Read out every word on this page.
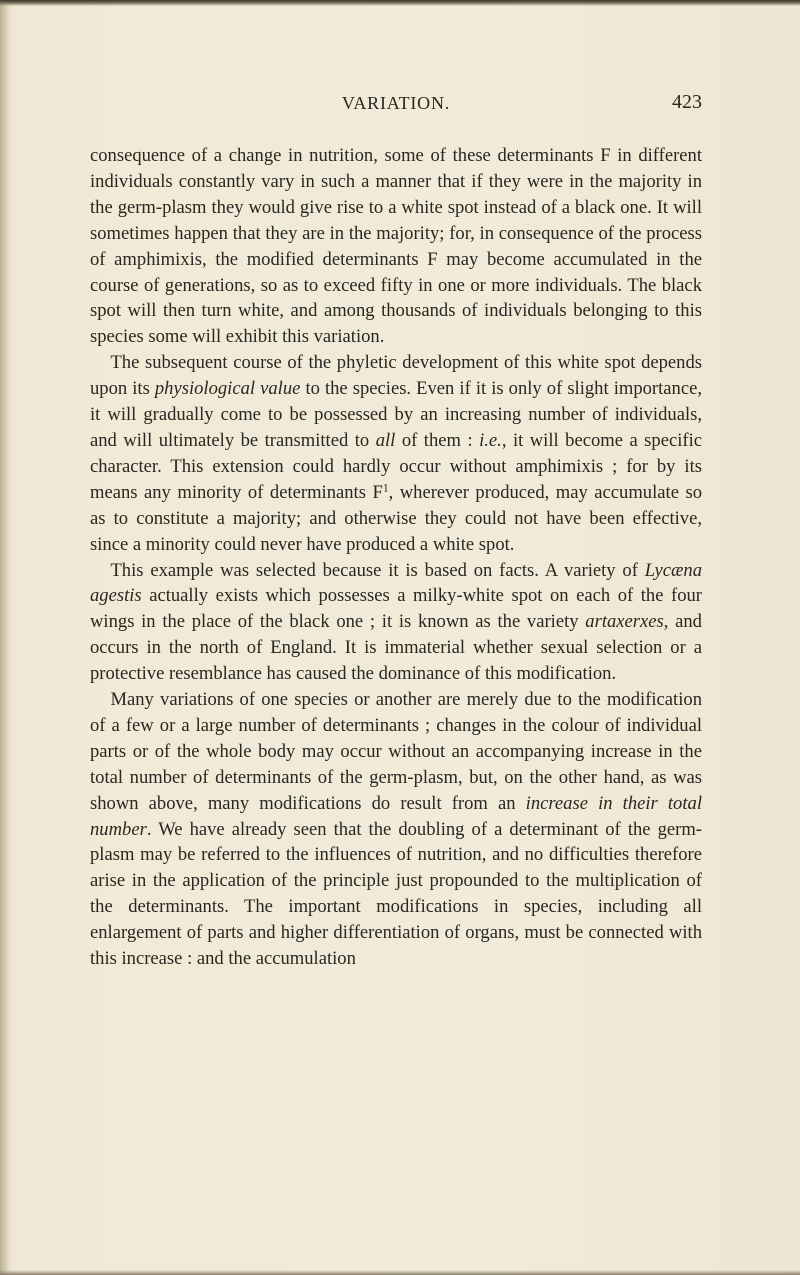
VARIATION.	423

consequence of a change in nutrition, some of these determinants F in different individuals constantly vary in such a manner that if they were in the majority in the germ-plasm they would give rise to a white spot instead of a black one. It will sometimes happen that they are in the majority; for, in consequence of the process of amphimixis, the modified determinants F may become accumulated in the course of generations, so as to exceed fifty in one or more individuals. The black spot will then turn white, and among thousands of individuals belonging to this species some will exhibit this variation.

The subsequent course of the phyletic development of this white spot depends upon its physiological value to the species. Even if it is only of slight importance, it will gradually come to be possessed by an increasing number of individuals, and will ultimately be transmitted to all of them : i.e., it will become a specific character. This extension could hardly occur without amphimixis ; for by its means any minority of determinants $F^1$, wherever produced, may accumulate so as to constitute a majority; and otherwise they could not have been effective, since a minority could never have produced a white spot.

This example was selected because it is based on facts. A variety of Lycæna agestis actually exists which possesses a milky-white spot on each of the four wings in the place of the black one ; it is known as the variety artaxerxes, and occurs in the north of England. It is immaterial whether sexual selection or a protective resemblance has caused the dominance of this modification.

Many variations of one species or another are merely due to the modification of a few or a large number of determinants ; changes in the colour of individual parts or of the whole body may occur without an accompanying increase in the total number of determinants of the germ-plasm, but, on the other hand, as was shown above, many modifications do result from an increase in their total number. We have already seen that the doubling of a determinant of the germ-plasm may be referred to the influences of nutrition, and no difficulties therefore arise in the application of the principle just propounded to the multiplication of the determinants. The important modifications in species, including all enlargement of parts and higher differentiation of organs, must be connected with this increase : and the accumulation
